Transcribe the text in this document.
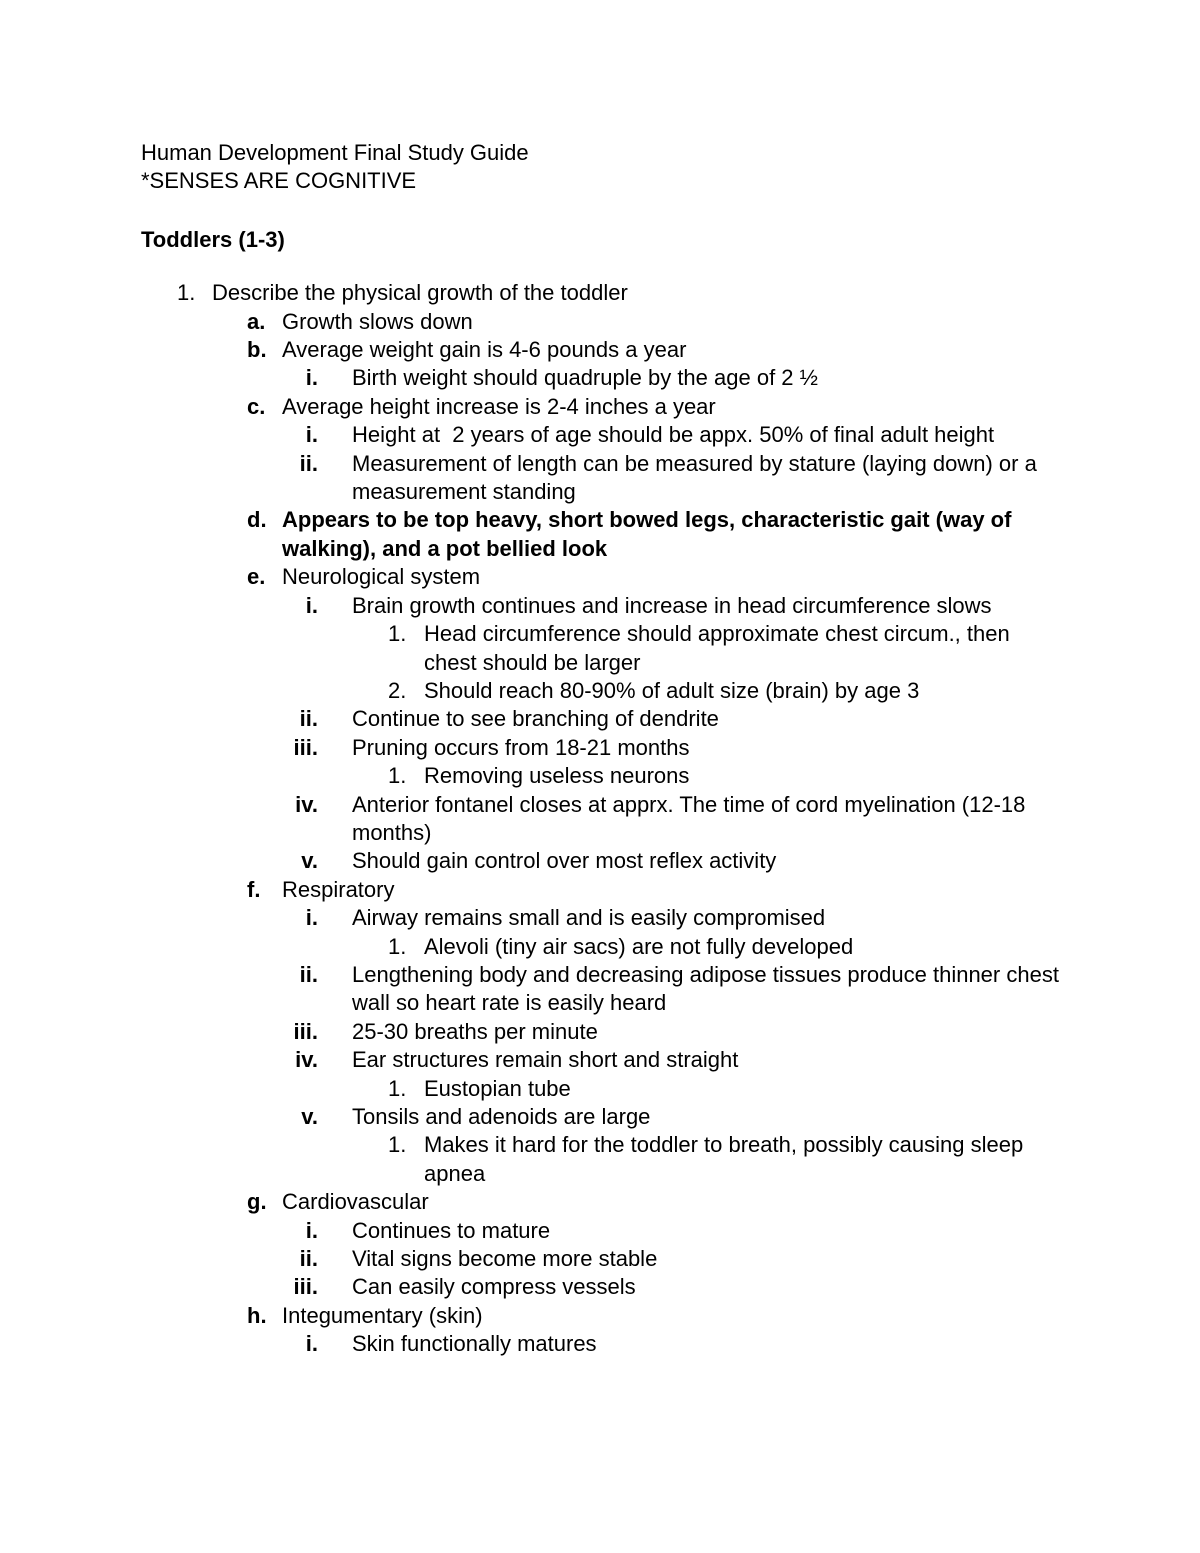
Human Development Final Study Guide
*SENSES ARE COGNITIVE
Toddlers (1-3)
1. Describe the physical growth of the toddler
a. Growth slows down
b. Average weight gain is 4-6 pounds a year
i. Birth weight should quadruple by the age of 2 ½
c. Average height increase is 2-4 inches a year
i. Height at  2 years of age should be appx. 50% of final adult height
ii. Measurement of length can be measured by stature (laying down) or a measurement standing
d. Appears to be top heavy, short bowed legs, characteristic gait (way of walking), and a pot bellied look
e. Neurological system
i. Brain growth continues and increase in head circumference slows
1. Head circumference should approximate chest circum., then chest should be larger
2. Should reach 80-90% of adult size (brain) by age 3
ii. Continue to see branching of dendrite
iii. Pruning occurs from 18-21 months
1. Removing useless neurons
iv. Anterior fontanel closes at apprx. The time of cord myelination (12-18 months)
v. Should gain control over most reflex activity
f. Respiratory
i. Airway remains small and is easily compromised
1. Alevoli (tiny air sacs) are not fully developed
ii. Lengthening body and decreasing adipose tissues produce thinner chest wall so heart rate is easily heard
iii. 25-30 breaths per minute
iv. Ear structures remain short and straight
1. Eustopian tube
v. Tonsils and adenoids are large
1. Makes it hard for the toddler to breath, possibly causing sleep apnea
g. Cardiovascular
i. Continues to mature
ii. Vital signs become more stable
iii. Can easily compress vessels
h. Integumentary (skin)
i. Skin functionally matures
